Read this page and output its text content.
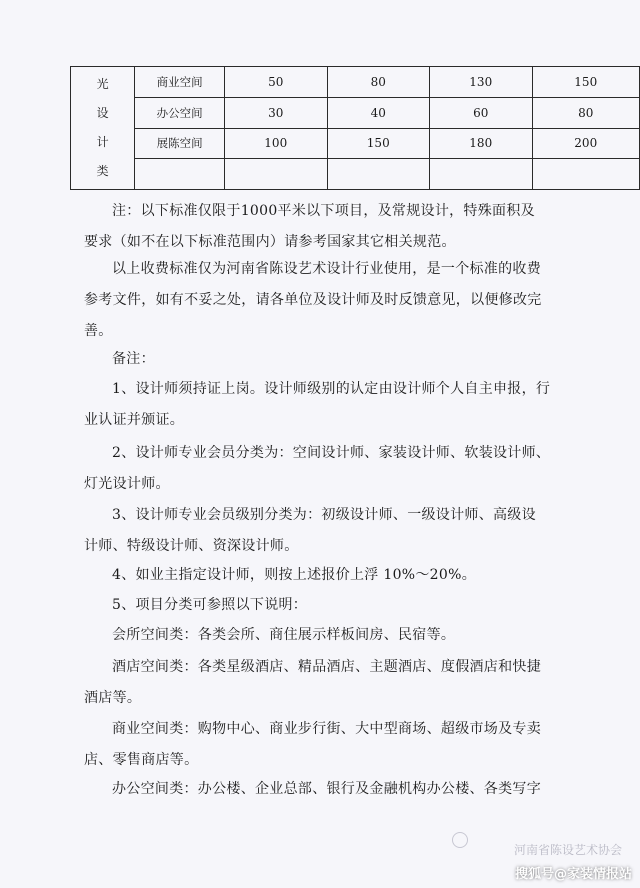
光
设
计
类	商业空间	50	80	130	150
	办公空间	30	40	60	80
	展陈空间	100	150	180	200

注：以下标准仅限于1000平米以下项目，及常规设计，特殊面积及
要求（如不在以下标准范围内）请参考国家其它相关规范。

以上收费标准仅为河南省陈设艺术设计行业使用，是一个标准的收费
参考文件，如有不妥之处，请各单位及设计师及时反馈意见，以便修改完
善。

备注：

1、设计师须持证上岗。设计师级别的认定由设计师个人自主申报，行
业认证并颁证。

2、设计师专业会员分类为：空间设计师、家装设计师、软装设计师、
灯光设计师。

3、设计师专业会员级别分类为：初级设计师、一级设计师、高级设
计师、特级设计师、资深设计师。

4、如业主指定设计师，则按上述报价上浮 10%～20%。

5、项目分类可参照以下说明：

会所空间类：各类会所、商住展示样板间房、民宿等。

酒店空间类：各类星级酒店、精品酒店、主题酒店、度假酒店和快捷
酒店等。

商业空间类：购物中心、商业步行街、大中型商场、超级市场及专卖
店、零售商店等。

办公空间类：办公楼、企业总部、银行及金融机构办公楼、各类写字

河南省陈设艺术协会
搜狐号@家装情报站
